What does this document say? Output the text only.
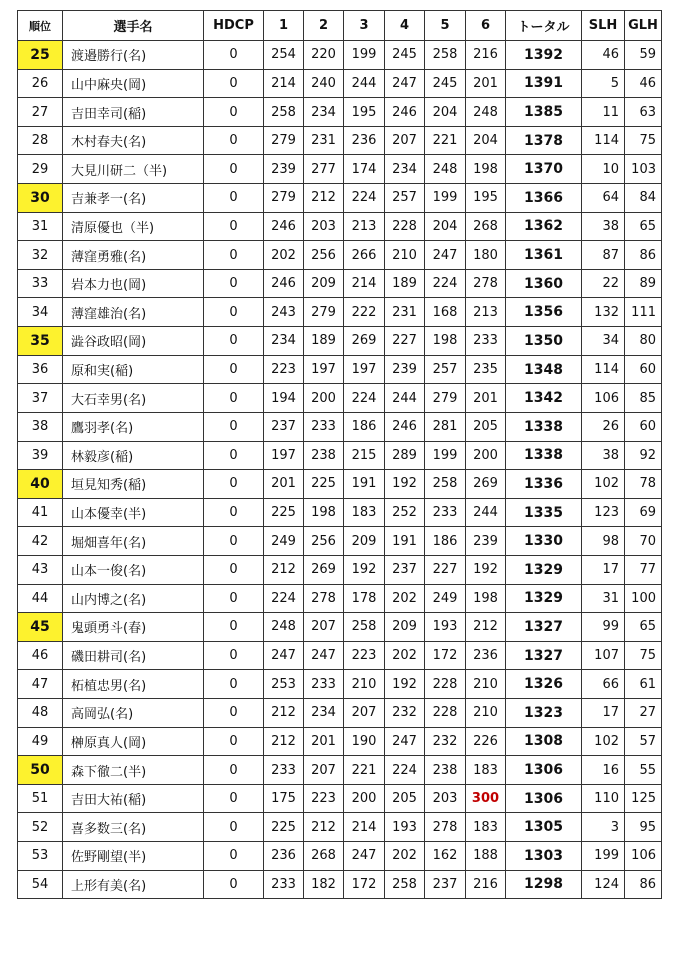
順位	選手名	HDCP	1	2	3	4	5	6	トータル	SLH	GLH
25	渡邉勝行(名)	0	254	220	199	245	258	216	1392	46	59
26	山中麻央(岡)	0	214	240	244	247	245	201	1391	5	46
27	吉田幸司(稲)	0	258	234	195	246	204	248	1385	11	63
28	木村春夫(名)	0	279	231	236	207	221	204	1378	114	75
29	大見川研二（半)	0	239	277	174	234	248	198	1370	10	103
30	吉兼孝一(名)	0	279	212	224	257	199	195	1366	64	84
31	清原優也（半)	0	246	203	213	228	204	268	1362	38	65
32	薄窪勇雅(名)	0	202	256	266	210	247	180	1361	87	86
33	岩本力也(岡)	0	246	209	214	189	224	278	1360	22	89
34	薄窪雄治(名)	0	243	279	222	231	168	213	1356	132	111
35	澁谷政昭(岡)	0	234	189	269	227	198	233	1350	34	80
36	原和実(稲)	0	223	197	197	239	257	235	1348	114	60
37	大石幸男(名)	0	194	200	224	244	279	201	1342	106	85
38	鷹羽孝(名)	0	237	233	186	246	281	205	1338	26	60
39	林毅彦(稲)	0	197	238	215	289	199	200	1338	38	92
40	垣見知秀(稲)	0	201	225	191	192	258	269	1336	102	78
41	山本優幸(半)	0	225	198	183	252	233	244	1335	123	69
42	堀畑喜年(名)	0	249	256	209	191	186	239	1330	98	70
43	山本一俊(名)	0	212	269	192	237	227	192	1329	17	77
44	山内博之(名)	0	224	278	178	202	249	198	1329	31	100
45	鬼頭勇斗(春)	0	248	207	258	209	193	212	1327	99	65
46	磯田耕司(名)	0	247	247	223	202	172	236	1327	107	75
47	柘植忠男(名)	0	253	233	210	192	228	210	1326	66	61
48	高岡弘(名)	0	212	234	207	232	228	210	1323	17	27
49	榊原真人(岡)	0	212	201	190	247	232	226	1308	102	57
50	森下徹二(半)	0	233	207	221	224	238	183	1306	16	55
51	吉田大祐(稲)	0	175	223	200	205	203	300	1306	110	125
52	喜多数三(名)	0	225	212	214	193	278	183	1305	3	95
53	佐野剛望(半)	0	236	268	247	202	162	188	1303	199	106
54	上形有美(名)	0	233	182	172	258	237	216	1298	124	86
